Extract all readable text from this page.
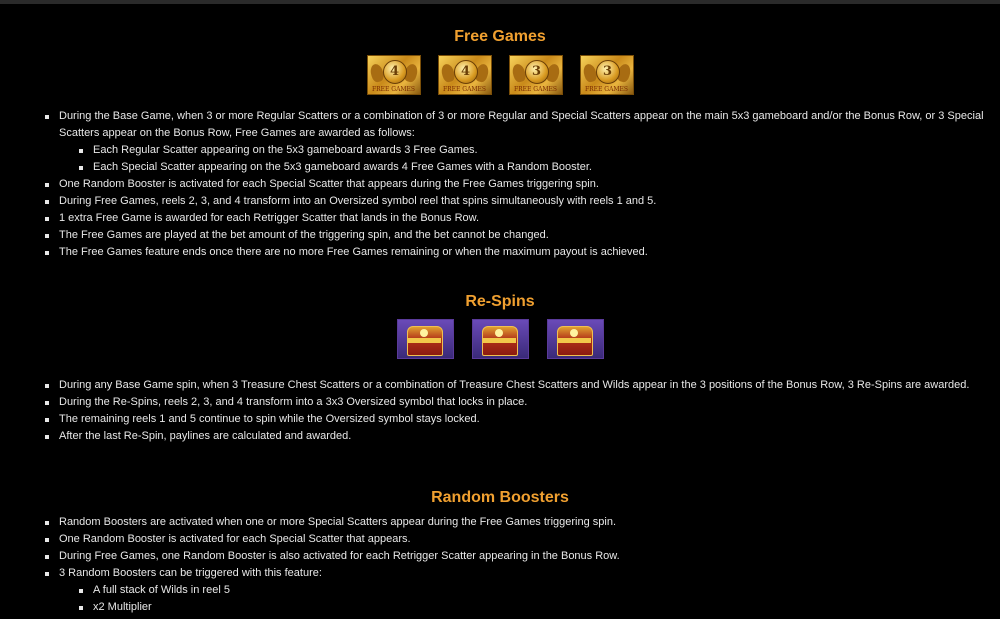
Free Games
4
FREE GAMES
4
FREE GAMES
3
FREE GAMES
3
FREE GAMES
During the Base Game, when 3 or more Regular Scatters or a combination of 3 or more Regular and Special Scatters appear on the main 5x3 gameboard and/or the Bonus Row, or 3 Special Scatters appear on the Bonus Row, Free Games are awarded as follows:
Each Regular Scatter appearing on the 5x3 gameboard awards 3 Free Games.
Each Special Scatter appearing on the 5x3 gameboard awards 4 Free Games with a Random Booster.
One Random Booster is activated for each Special Scatter that appears during the Free Games triggering spin.
During Free Games, reels 2, 3, and 4 transform into an Oversized symbol reel that spins simultaneously with reels 1 and 5.
1 extra Free Game is awarded for each Retrigger Scatter that lands in the Bonus Row.
The Free Games are played at the bet amount of the triggering spin, and the bet cannot be changed.
The Free Games feature ends once there are no more Free Games remaining or when the maximum payout is achieved.
Re-Spins
During any Base Game spin, when 3 Treasure Chest Scatters or a combination of Treasure Chest Scatters and Wilds appear in the 3 positions of the Bonus Row, 3 Re-Spins are awarded.
During the Re-Spins, reels 2, 3, and 4 transform into a 3x3 Oversized symbol that locks in place.
The remaining reels 1 and 5 continue to spin while the Oversized symbol stays locked.
After the last Re-Spin, paylines are calculated and awarded.
Random Boosters
Random Boosters are activated when one or more Special Scatters appear during the Free Games triggering spin.
One Random Booster is activated for each Special Scatter that appears.
During Free Games, one Random Booster is also activated for each Retrigger Scatter appearing in the Bonus Row.
3 Random Boosters can be triggered with this feature:
A full stack of Wilds in reel 5
x2 Multiplier
